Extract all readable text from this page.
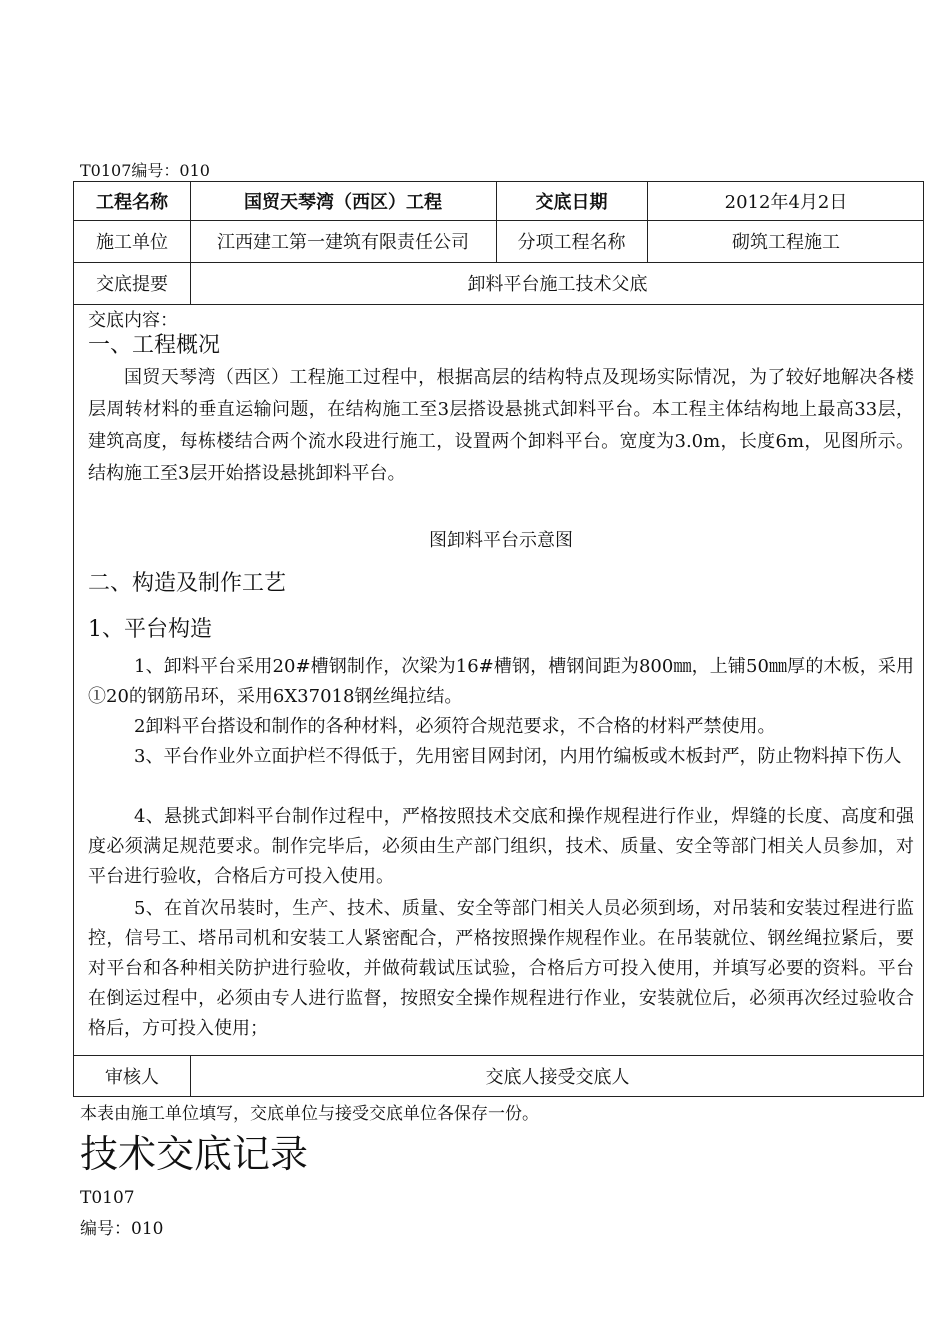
T0107编号：010
工程名称	国贸天琴湾（西区）工程	交底日期	2012年4月2日
施工单位	江西建工第一建筑有限责任公司	分项工程名称	砌筑工程施工
交底提要	卸料平台施工技术父底
交底内容：
一、工程概况
国贸天琴湾（西区）工程施工过程中，根据高层的结构特点及现场实际情况，为了较好地解决各楼层周转材料的垂直运输问题，在结构施工至3层搭设悬挑式卸料平台。本工程主体结构地上最高33层，建筑高度，每栋楼结合两个流水段进行施工，设置两个卸料平台。宽度为3.0m，长度6m，见图所示。结构施工至3层开始搭设悬挑卸料平台。
图卸料平台示意图
二、构造及制作工艺
1、平台构造
1、卸料平台采用20#槽钢制作，次梁为16#槽钢，槽钢间距为800㎜，上铺50㎜厚的木板，采用①20的钢筋吊环，采用6X37018钢丝绳拉结。
2卸料平台搭设和制作的各种材料，必须符合规范要求，不合格的材料严禁使用。
3、平台作业外立面护栏不得低于，先用密目网封闭，内用竹编板或木板封严，防止物料掉下伤人
4、悬挑式卸料平台制作过程中，严格按照技术交底和操作规程进行作业，焊缝的长度、高度和强度必须满足规范要求。制作完毕后，必须由生产部门组织，技术、质量、安全等部门相关人员参加，对平台进行验收，合格后方可投入使用。
5、在首次吊装时，生产、技术、质量、安全等部门相关人员必须到场，对吊装和安装过程进行监控，信号工、塔吊司机和安装工人紧密配合，严格按照操作规程作业。在吊装就位、钢丝绳拉紧后，要对平台和各种相关防护进行验收，并做荷载试压试验，合格后方可投入使用，并填写必要的资料。平台在倒运过程中，必须由专人进行监督，按照安全操作规程进行作业，安装就位后，必须再次经过验收合格后，方可投入使用；
审核人	交底人接受交底人
本表由施工单位填写，交底单位与接受交底单位各保存一份。
技术交底记录
T0107
编号：010
